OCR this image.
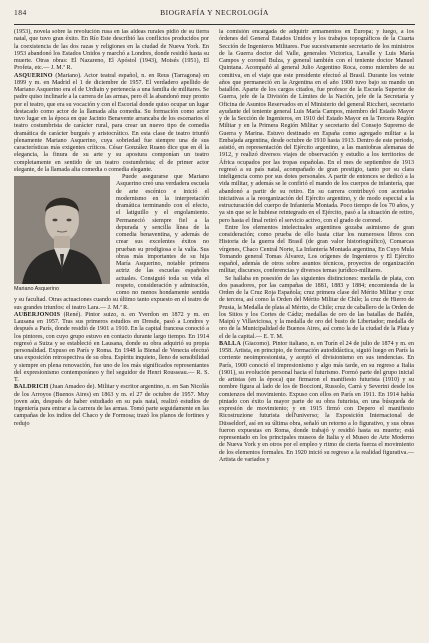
184	BIOGRAFÍA Y NECROLOGÍA

(1953), novela sobre la revolución rusa en las aldeas rurales pidió de su tierra natal, que tuvo gran éxito. En Río Este describió las conflictos producidos por la coexistencia de las dos razas y religiones en la ciudad de Nueva York. En 1953 abandonó los Estados Unidos y marchó a Londres, donde residió hasta su muerte. Otras obras: El Nazareno, El Apóstol (1943), Moisés (1951), El Profeta, etc.— J. M.ª R.

ASQUERINO (Mariano). Actor teatral español, n. en Reus (Tarragona) en 1899 y m. en Madrid el 1 de diciembre de 1957. El verdadero apellido de Mariano Asquerino era el de Urdiain y pertenecía a una familia de militares. Se padre quiso inclinarle a la carrera de las armas, pero él la abandonó muy pronto por el teatro, que era su vocación y con el Escorial donde quiso ocupar un lugar destacado como actor de la llamada alta comedia. Su formación como actor tuvo lugar en la época en que Jacinto Benavente arrancaba de los escenarios el teatro costumbrista de carácter rural, para crear un nuevo tipo de comedia dramática de carácter burgués y aristocrático. En esta clase de teatro triunfó plenamente Mariano Asquerino, cuya sobriedad fue siempre una de sus características más exigentes críticos. César González Ruano dice que en él la elegancia, la finura de su arte y su apostura componían un teatro completamente en sentido de un teatro costumbrista; el de primer actor elegante, de la llamada alta comedia o comedia elegante.

Mariano Asquerino

Puede asegurarse que Mariano Asquerino creó una verdadera escuela de arte escénico e inició el modernismo en la interpretación dramática terminando con el efecto, el latiguillo y el engolamiento. Permaneció siempre fiel a la depurada y sencilla línea de la comedia benaventina, y además de crear sus excelentes éxitos no prueban su prodigiosa e la valía. Sus obras más importantes de su hija María Asquerino, notable primera actriz de las escuelas españoles actuales. Consiguió toda su vida el respeto, consideración y admiración, como no menos hondamente sentida y su facultad. Otras actuaciones cuando su último tanto expuesto en el teatro de sus grandes triunfos: el teatro Lara.— J. M.ª R.

AUBERJONOIS (René). Pintor suizo, n. en Yverdon en 1872 y m. en Lausana en 1957. Tras sus primeros estudios en Dresde, pasó a Londres y después a París, donde residió de 1901 a 1910. En la capital francesa conoció a los pintores, con cuyo grupo estuvo en contacto durante largo tiempo. En 1914 regresó a Suiza y se estableció en Lausana, donde su obra adquirió su propia personalidad. Expuso en París y Roma. En 1948 la Bienal de Venecia efectuó una exposición retrospectiva de su obra. Espíritu inquieto, lleno de sensibilidad y siempre en plena renovación, fue uno de los más significados representantes del expresionismo contemporáneo y fiel seguidor de Henri Rousseau.— R. S. T.

BALDRICH (Juan Amadeo de). Militar y escritor argentino, n. en San Nicolás de los Arroyos (Buenos Aires) en 1863 y m. el 27 de octubre de 1957. Muy joven aún, después de haber estudiado en su país natal, realizó estudios de ingeniería para entrar a la carrera de las armas. Tomó parte seguidamente en las campañas de los indios del Chaco y de Formosa; trazó los planos de fortines y redujo

la comisión encargada de adquirir armamentos en Europa; y luego, a los órdenes del General Estados Unidos y los trabajos topográficos de la Cuarta Sección de Ingenieros Militares. Fue sucesivamente secretario de los ministros de la Guerra doctor del Valle, generales Victorica, Lavalle y Luis María Campos y coronel Bulza, y general también con el teniente doctor Manuel Quintana. Acompañó al general Julio Argentino Roca, como miembro de su comitiva, en el viaje que este presidente efectuó al Brasil. Durante los veinte años que permaneció en la Argentina en el año 1900 tuvo bajo su mando un batallón. Aparte de los cargos citados, fue profesor de la Escuela Superior de Guerra, jefe de la División de Límites de la Nación, jefe de la Secretaría y Oficina de Asuntos Reservados en el Ministerio del general Riccheri, secretario ayudante del teniente general Luis María Campos, miembro del Estado Mayor y de la Sección de Ingenieros, en 1910 del Estado Mayor en la Tercera Región Militar y en la Primera Región Militar y secretario del Consejo Supremo de Guerra y Marina. Estuvo destinado en España como agregado militar a la Embajada argentina, desde octubre de 1910 hasta 1913. Dentro de este periodo, asistió, en representación del Ejército argentino, a las maniobras alemanas de 1912, y realizó diversos viajes de observación y estudio a los territorios de África ocupados por las tropas españolas. En el mes de septiembre de 1913 regresó a su país natal, acompañado de gran prestigio, tanto por su clara inteligencia como por sus dotes personales. A partir de entonces se dedicó a la vida militar, y además se le confirió el mando de los cuerpos de infantería, que abandonó a partir de su retiro. En su carrera contribuyó con acertadas iniciativas a la reorganización del Ejército argentino, y de modo especial a la estructuración del cuerpo de Infantería Montada. Poco tiempo de los 70 años, y ya sin que se le hubiese reintegrado en el Ejército, pasó a la situación de retiro, pero hasta el final retiró el servicio activo, con el grado de coronel.

Entre los elementos intelectuales argentinos gozaba asimismo de gran consideración; como prueba de ello basta citar los numerosos libros con Historia de la guerra del Brasil (de gran valor historiográfico), Comarcas vírgenes, Chaco Central Norte, La Infantería Montada argentina, En Cuyo Mula Tomando general Tomas Álvarez, Los orígenes de Ingenieros y El Ejército español, además de otros sobre asuntos técnicos, proyectos de organización militar, discursos, conferencias y diversos temas jurídico-militares.

Se hallaba en posesión de las siguientes distinciones: medalla de plata, con dos pasadores, por las campañas de 1881, 1883 y 1884; encomienda de la Orden de la Cruz Roja Española; cruz primera clase del Mérito Militar y cruz de tercera, así como la Orden del Mérito Militar de Chile; la cruz de Hierro de Prusia, la Medalla de plata al Mérito, de Chile; cruz de caballero de la Orden de los Sitios y los Cortes de Cádiz; medallas de oro de las batallas de Bailén, Maipú y Villaviciosa, y la medalla de oro del busto de Libertador; medalla de oro de la Municipalidad de Buenos Aires, así como la de la ciudad de la Plata y el de la capital.— E. T. M.

BALLA (Giacomo). Pintor italiano, n. en Turín el 24 de julio de 1874 y m. en 1958. Artista, en principio, de formación autodidáctica, siguió luego en París la corriente neoimpresionista, y aceptó el divisionismo en sus tendencias. En París, 1900 conoció el impresionismo y algo más tarde, en su regreso a Italia (1901), su evolución personal hacia el futurismo. Formó parte del grupo inicial de artistas (en la época) que firmaron el manifiesto futurista (1910) y su nombre figura al lado de los de Boccioni, Russolo, Carrà y Severini desde los comienzos del movimiento. Expuso con ellos en París en 1911. En 1914 había pintado con éxito la mayor parte de su obra futurista, en una búsqueda de expresión de movimiento; y en 1915 firmó con Depero el manifiesto Ricostruzione futurista dell'universo; la Exposición Internacional de Düsseldorf, así en su última obra, señaló un retorno a lo figurativo, y sus obras fueron expuestas en Roma, donde trabajó y residió hasta su muerte; está representado en los principales museos de Italia y el Museo de Arte Moderno de Nueva York y en otros por el empleo y ritmo de cierta fuerza el movimiento de los elementos formales. En 1920 inició su regreso a la realidad figurativa.— Artista de variados y
